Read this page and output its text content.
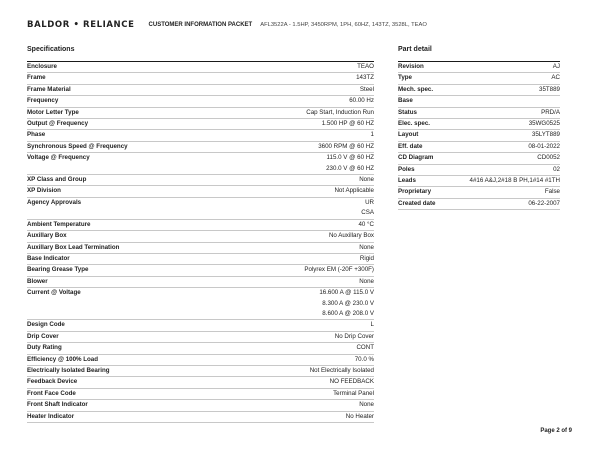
BALDOR • RELIANCE CUSTOMER INFORMATION PACKET AFL3522A - 1.5HP, 3450RPM, 1PH, 60HZ, 143TZ, 3528L, TEAO
Specifications
Enclosure	TEAO
Frame	143TZ
Frame Material	Steel
Frequency	60.00 Hz
Motor Letter Type	Cap Start, Induction Run
Output @ Frequency	1.500 HP @ 60 HZ
Phase	1
Synchronous Speed @ Frequency	3600 RPM @ 60 HZ
Voltage @ Frequency	115.0 V @ 60 HZ
230.0 V @ 60 HZ
XP Class and Group	None
XP Division	Not Applicable
Agency Approvals	UR
CSA
Ambient Temperature	40 °C
Auxillary Box	No Auxillary Box
Auxillary Box Lead Termination	None
Base Indicator	Rigid
Bearing Grease Type	Polyrex EM (-20F +300F)
Blower	None
Current @ Voltage	16.600 A @ 115.0 V
8.300 A @ 230.0 V
8.600 A @ 208.0 V
Design Code	L
Drip Cover	No Drip Cover
Duty Rating	CONT
Efficiency @ 100% Load	70.0 %
Electrically Isolated Bearing	Not Electrically Isolated
Feedback Device	NO FEEDBACK
Front Face Code	Terminal Panel
Front Shaft Indicator	None
Heater Indicator	No Heater
Part detail
Revision	AJ
Type	AC
Mech. spec.	35T889
Base
Status	PRD/A
Elec. spec.	35WG0525
Layout	35LYT889
Eff. date	08-01-2022
CD Diagram	CD0052
Poles	02
Leads	4#16 A&J,2#18 B PH,1#14 #1TH
Proprietary	False
Created date	06-22-2007
Page 2 of 9
